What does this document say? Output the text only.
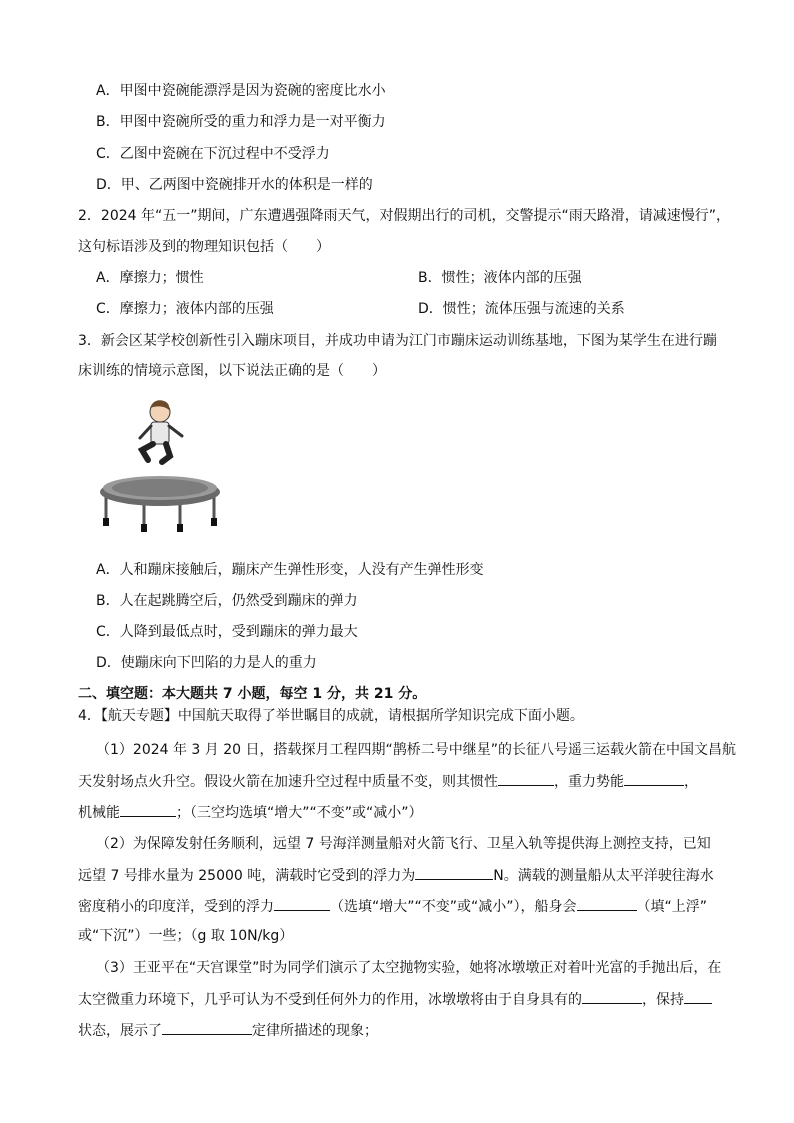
A．甲图中瓷碗能漂浮是因为瓷碗的密度比水小
B．甲图中瓷碗所受的重力和浮力是一对平衡力
C．乙图中瓷碗在下沉过程中不受浮力
D．甲、乙两图中瓷碗排开水的体积是一样的
2．2024 年“五一”期间，广东遭遇强降雨天气，对假期出行的司机，交警提示“雨天路滑，请减速慢行”，
这句标语涉及到的物理知识包括（　　）
A．摩擦力；惯性	B．惯性；液体内部的压强
C．摩擦力；液体内部的压强	D．惯性；流体压强与流速的关系
3．新会区某学校创新性引入蹦床项目，并成功申请为江门市蹦床运动训练基地，下图为某学生在进行蹦
床训练的情境示意图，以下说法正确的是（　　）
A．人和蹦床接触后，蹦床产生弹性形变，人没有产生弹性形变
B．人在起跳腾空后，仍然受到蹦床的弹力
C．人降到最低点时，受到蹦床的弹力最大
D．使蹦床向下凹陷的力是人的重力
二、填空题：本大题共 7 小题，每空 1 分，共 21 分。
4．【航天专题】中国航天取得了举世瞩目的成就，请根据所学知识完成下面小题。
（1）2024 年 3 月 20 日，搭载探月工程四期“鹊桥二号中继星”的长征八号遥三运载火箭在中国文昌航
天发射场点火升空。假设火箭在加速升空过程中质量不变，则其惯性	，重力势能	，
机械能	；（三空均选填“增大”“不变”或“减小”）
（2）为保障发射任务顺利，远望 7 号海洋测量船对火箭飞行、卫星入轨等提供海上测控支持，已知
远望 7 号排水量为 25000 吨，满载时它受到的浮力为	N。满载的测量船从太平洋驶往海水
密度稍小的印度洋，受到的浮力	（选填“增大”“不变”或“减小”），船身会	（填“上浮”
或“下沉”）一些；（g 取 10N/kg）
（3）王亚平在“天宫课堂”时为同学们演示了太空抛物实验，她将冰墩墩正对着叶光富的手抛出后，在
太空微重力环境下，几乎可认为不受到任何外力的作用，冰墩墩将由于自身具有的	，保持
状态，展示了	定律所描述的现象；
